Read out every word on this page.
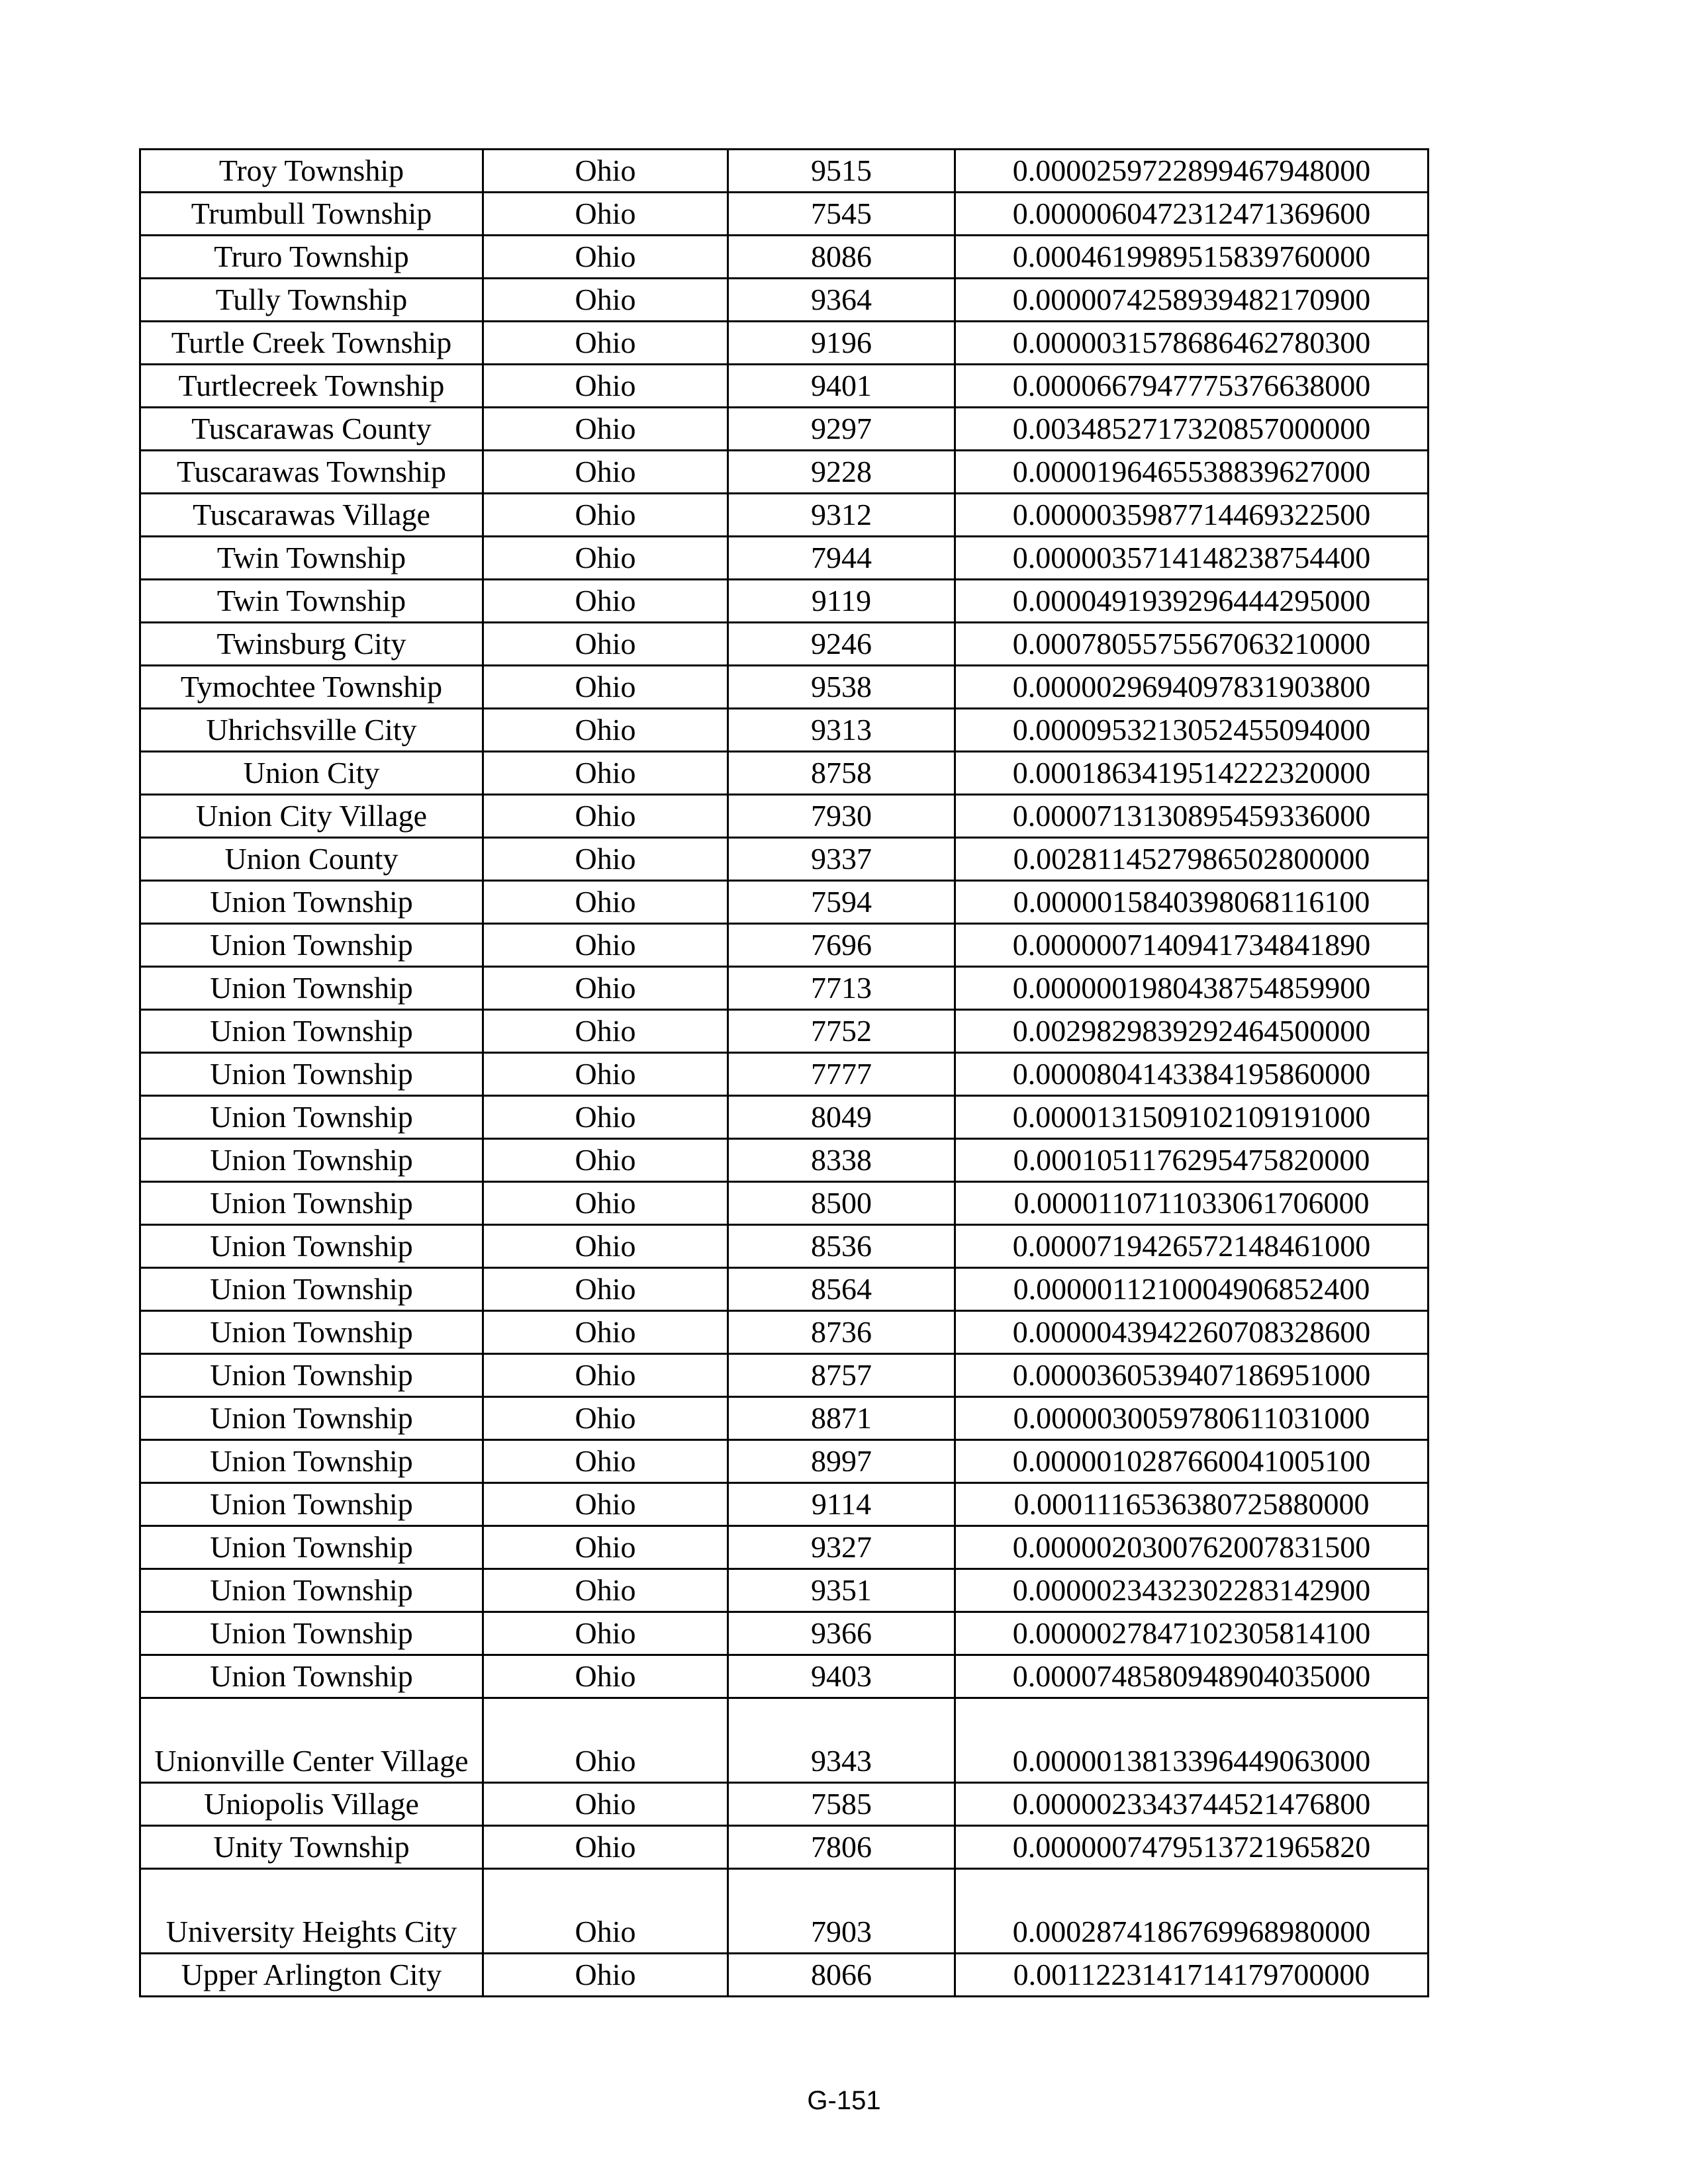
Troy Township	Ohio	9515	0.0000259722899467948000
Trumbull Township	Ohio	7545	0.0000060472312471369600
Truro Township	Ohio	8086	0.0004619989515839760000
Tully Township	Ohio	9364	0.0000074258939482170900
Turtle Creek Township	Ohio	9196	0.0000031578686462780300
Turtlecreek Township	Ohio	9401	0.0000667947775376638000
Tuscarawas County	Ohio	9297	0.0034852717320857000000
Tuscarawas Township	Ohio	9228	0.0000196465538839627000
Tuscarawas Village	Ohio	9312	0.0000035987714469322500
Twin Township	Ohio	7944	0.0000035714148238754400
Twin Township	Ohio	9119	0.0000491939296444295000
Twinsburg City	Ohio	9246	0.0007805575567063210000
Tymochtee Township	Ohio	9538	0.0000029694097831903800
Uhrichsville City	Ohio	9313	0.0000953213052455094000
Union City	Ohio	8758	0.0001863419514222320000
Union City Village	Ohio	7930	0.0000713130895459336000
Union County	Ohio	9337	0.0028114527986502800000
Union Township	Ohio	7594	0.0000015840398068116100
Union Township	Ohio	7696	0.0000007140941734841890
Union Township	Ohio	7713	0.0000001980438754859900
Union Township	Ohio	7752	0.0029829839292464500000
Union Township	Ohio	7777	0.0000804143384195860000
Union Township	Ohio	8049	0.0000131509102109191000
Union Township	Ohio	8338	0.0001051176295475820000
Union Township	Ohio	8500	0.0000110711033061706000
Union Township	Ohio	8536	0.0000719426572148461000
Union Township	Ohio	8564	0.0000011210004906852400
Union Township	Ohio	8736	0.0000043942260708328600
Union Township	Ohio	8757	0.0000360539407186951000
Union Township	Ohio	8871	0.0000030059780611031000
Union Township	Ohio	8997	0.0000010287660041005100
Union Township	Ohio	9114	0.0001116536380725880000
Union Township	Ohio	9327	0.0000020300762007831500
Union Township	Ohio	9351	0.0000023432302283142900
Union Township	Ohio	9366	0.0000027847102305814100
Union Township	Ohio	9403	0.0000748580948904035000
Unionville Center Village	Ohio	9343	0.0000013813396449063000
Uniopolis Village	Ohio	7585	0.0000023343744521476800
Unity Township	Ohio	7806	0.0000007479513721965820
University Heights City	Ohio	7903	0.0002874186769968980000
Upper Arlington City	Ohio	8066	0.0011223141714179700000
G-151
